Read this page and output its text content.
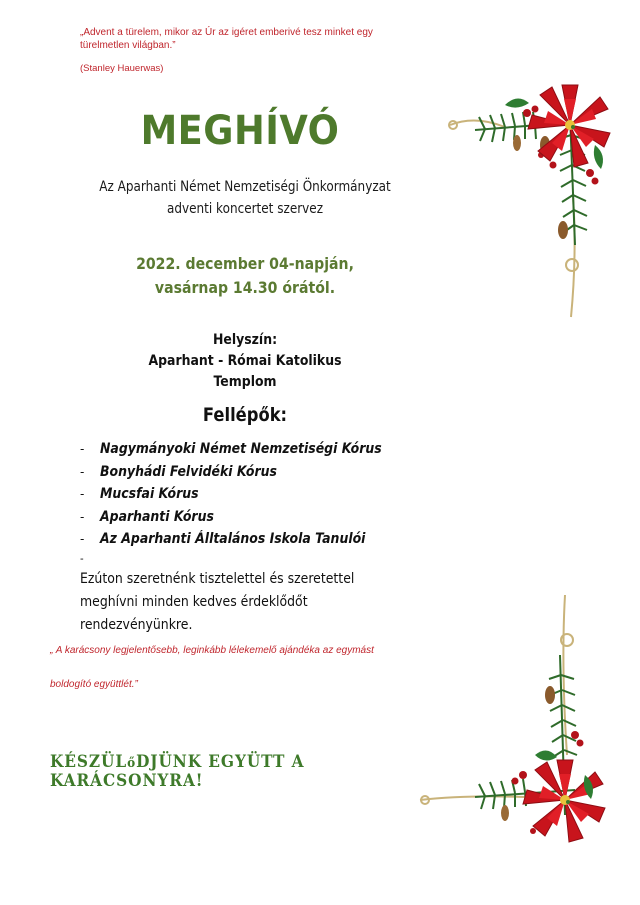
„Advent a türelem, mikor az Úr az igéret emberivé tesz minket egy türelmetlen világban.”
(Stanley Hauerwas)
MEGHÍVÓ
Az Aparhanti Német Nemzetiségi Önkormányzat adventi koncertet szervez
2022. december 04-napján,
vasárnap 14.30 órától.
Helyszín:
Aparhant - Római Katolikus
Templom
Fellépők:
- Nagymányoki Német Nemzetiségi Kórus
- Bonyhádi Felvidéki Kórus
- Mucsfai Kórus
- Aparhanti Kórus
- Az Aparhanti Álltalános Iskola Tanulói
-
Ezúton szeretnénk tisztelettel és szeretettel meghívni minden kedves érdeklődőt rendezvényünkre.
„ A karácsony legjelentősebb, leginkább lélekemelő ajándéka az egymást
boldogító együttlét.”
KÉSZÜLőDJÜNK EGYÜTT A KARÁCSONYRA!
